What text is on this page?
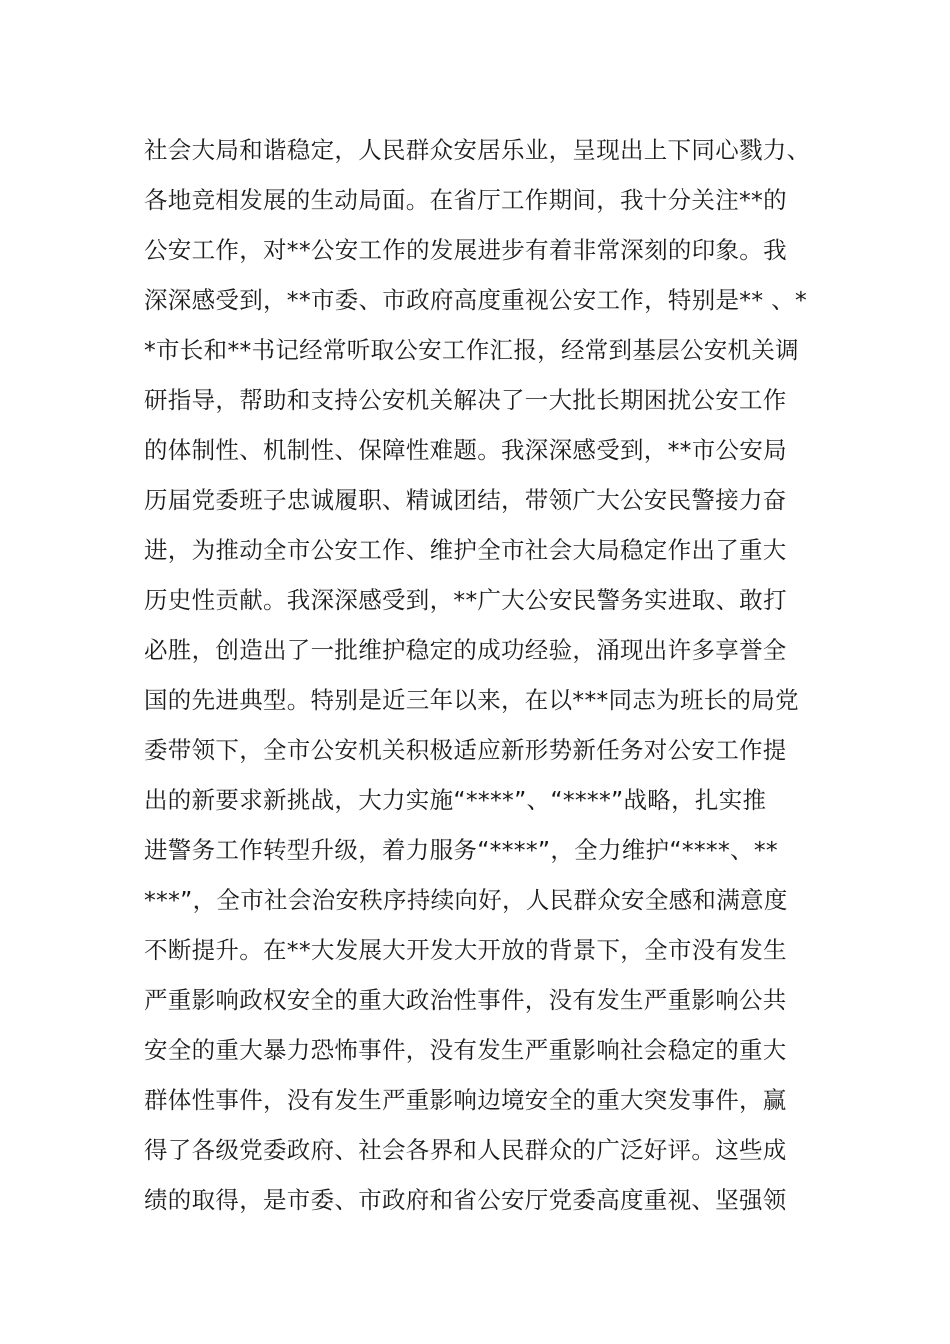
社会大局和谐稳定，人民群众安居乐业，呈现出上下同心戮力、
各地竞相发展的生动局面。在省厅工作期间，我十分关注**的
公安工作，对**公安工作的发展进步有着非常深刻的印象。我
深深感受到，**市委、市政府高度重视公安工作，特别是** 、*
*市长和**书记经常听取公安工作汇报，经常到基层公安机关调
研指导，帮助和支持公安机关解决了一大批长期困扰公安工作
的体制性、机制性、保障性难题。我深深感受到，**市公安局
历届党委班子忠诚履职、精诚团结，带领广大公安民警接力奋
进，为推动全市公安工作、维护全市社会大局稳定作出了重大
历史性贡献。我深深感受到，**广大公安民警务实进取、敢打
必胜，创造出了一批维护稳定的成功经验，涌现出许多享誉全
国的先进典型。特别是近三年以来，在以***同志为班长的局党
委带领下，全市公安机关积极适应新形势新任务对公安工作提
出的新要求新挑战，大力实施“****”、“****”战略，扎实推
进警务工作转型升级，着力服务“****”，全力维护“****、**
***”，全市社会治安秩序持续向好，人民群众安全感和满意度
不断提升。在**大发展大开发大开放的背景下，全市没有发生
严重影响政权安全的重大政治性事件，没有发生严重影响公共
安全的重大暴力恐怖事件，没有发生严重影响社会稳定的重大
群体性事件，没有发生严重影响边境安全的重大突发事件，赢
得了各级党委政府、社会各界和人民群众的广泛好评。这些成
绩的取得，是市委、市政府和省公安厅党委高度重视、坚强领
